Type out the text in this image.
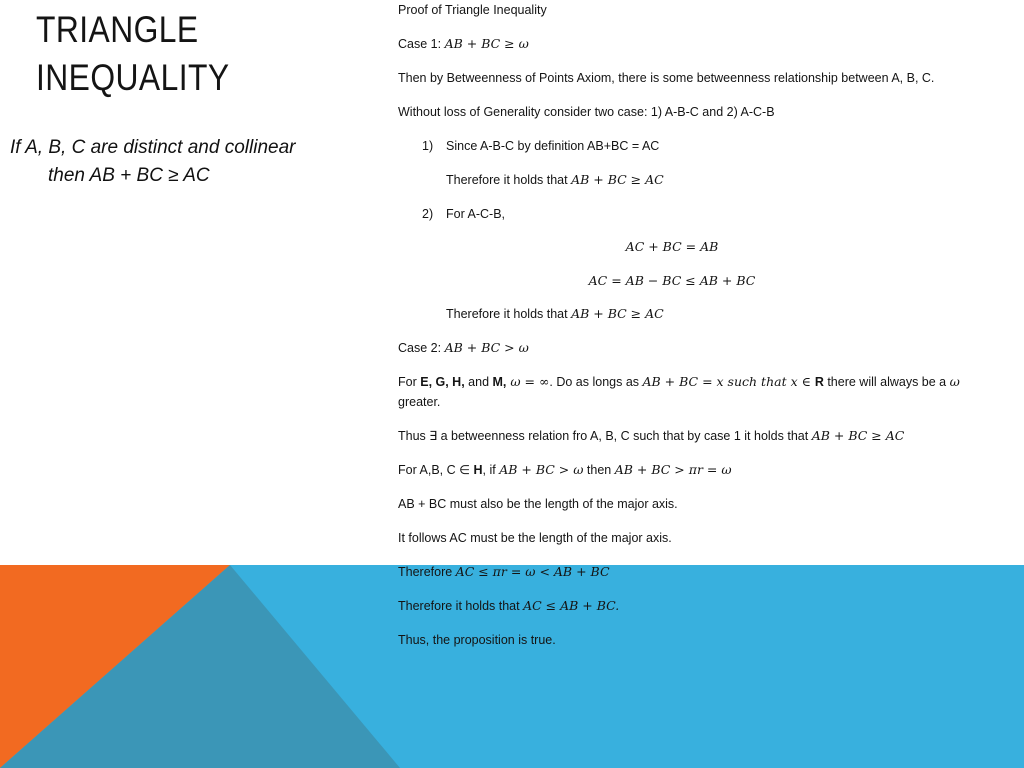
TRIANGLE
INEQUALITY
If A, B, C are distinct and collinear
then AB + BC ≥ AC
Proof of Triangle Inequality
Case 1: AB + BC ≥ ω
Then by Betweenness of Points Axiom, there is some betweenness relationship between A, B, C.
Without loss of Generality consider two case: 1) A-B-C and 2) A-C-B
1) Since A-B-C by definition AB+BC = AC
Therefore it holds that AB + BC ≥ AC
2) For A-C-B,
AC + BC = AB
AC = AB − BC ≤ AB + BC
Therefore it holds that AB + BC ≥ AC
Case 2: AB + BC > ω
For E, G, H, and M, ω = ∞. Do as longs as AB + BC = x such that x ∈ R there will always be a ω
greater.
Thus ∃ a betweenness relation fro A, B, C such that by case 1 it holds that AB + BC ≥ AC
For A,B, C ∈ H, if AB + BC > ω then AB + BC > πr = ω
AB + BC must also be the length of the major axis.
It follows AC must be the length of the major axis.
Therefore AC ≤ πr = ω < AB + BC
Therefore it holds that AC ≤ AB + BC.
Thus, the proposition is true.
